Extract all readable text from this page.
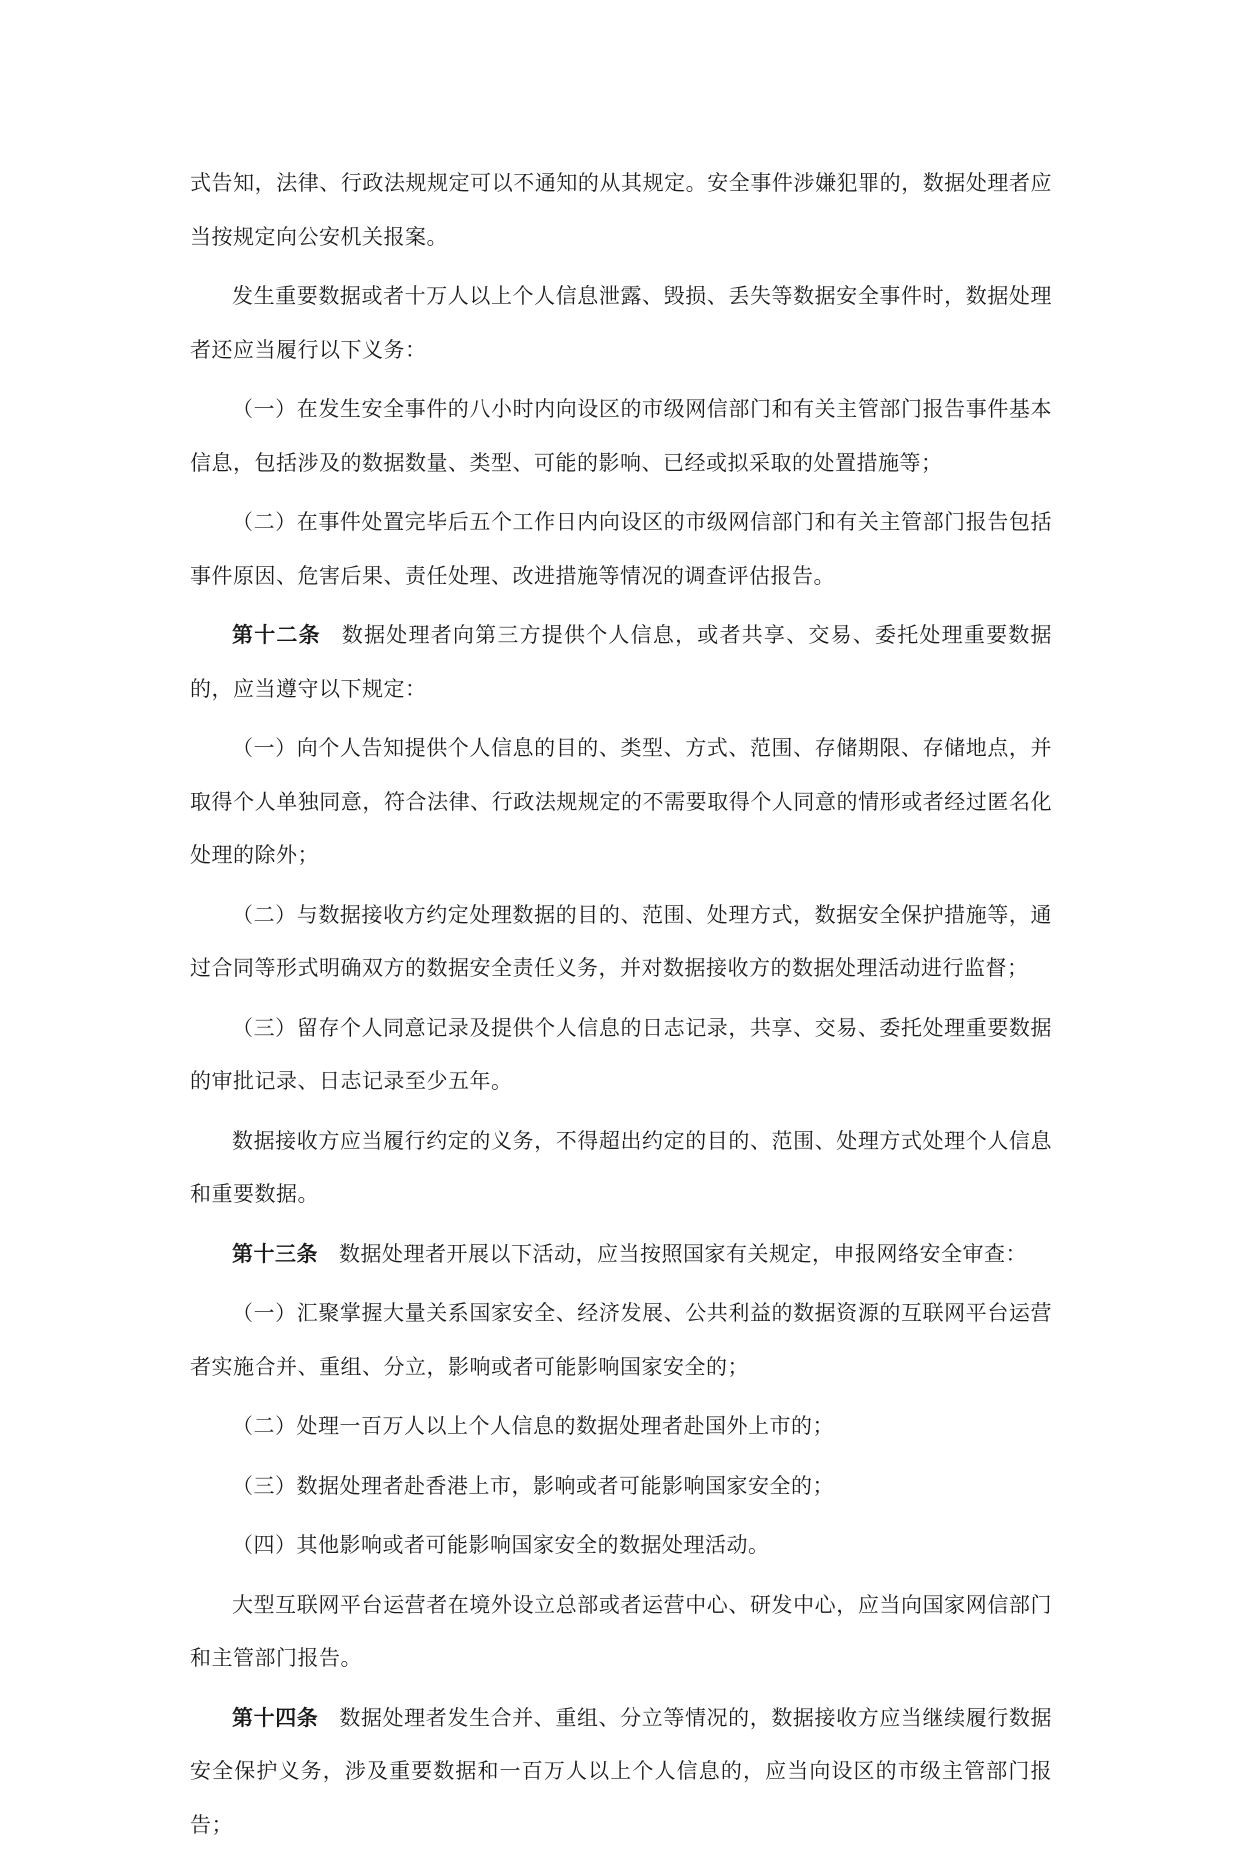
式告知，法律、行政法规规定可以不通知的从其规定。安全事件涉嫌犯罪的，数据处理者应当按规定向公安机关报案。

发生重要数据或者十万人以上个人信息泄露、毁损、丢失等数据安全事件时，数据处理者还应当履行以下义务：

（一）在发生安全事件的八小时内向设区的市级网信部门和有关主管部门报告事件基本信息，包括涉及的数据数量、类型、可能的影响、已经或拟采取的处置措施等；

（二）在事件处置完毕后五个工作日内向设区的市级网信部门和有关主管部门报告包括事件原因、危害后果、责任处理、改进措施等情况的调查评估报告。

第十二条 数据处理者向第三方提供个人信息，或者共享、交易、委托处理重要数据的，应当遵守以下规定：

（一）向个人告知提供个人信息的目的、类型、方式、范围、存储期限、存储地点，并取得个人单独同意，符合法律、行政法规规定的不需要取得个人同意的情形或者经过匿名化处理的除外；

（二）与数据接收方约定处理数据的目的、范围、处理方式，数据安全保护措施等，通过合同等形式明确双方的数据安全责任义务，并对数据接收方的数据处理活动进行监督；

（三）留存个人同意记录及提供个人信息的日志记录，共享、交易、委托处理重要数据的审批记录、日志记录至少五年。

数据接收方应当履行约定的义务，不得超出约定的目的、范围、处理方式处理个人信息和重要数据。

第十三条 数据处理者开展以下活动，应当按照国家有关规定，申报网络安全审查：

（一）汇聚掌握大量关系国家安全、经济发展、公共利益的数据资源的互联网平台运营者实施合并、重组、分立，影响或者可能影响国家安全的；

（二）处理一百万人以上个人信息的数据处理者赴国外上市的；

（三）数据处理者赴香港上市，影响或者可能影响国家安全的；

（四）其他影响或者可能影响国家安全的数据处理活动。

大型互联网平台运营者在境外设立总部或者运营中心、研发中心，应当向国家网信部门和主管部门报告。

第十四条 数据处理者发生合并、重组、分立等情况的，数据接收方应当继续履行数据安全保护义务，涉及重要数据和一百万人以上个人信息的，应当向设区的市级主管部门报告；
